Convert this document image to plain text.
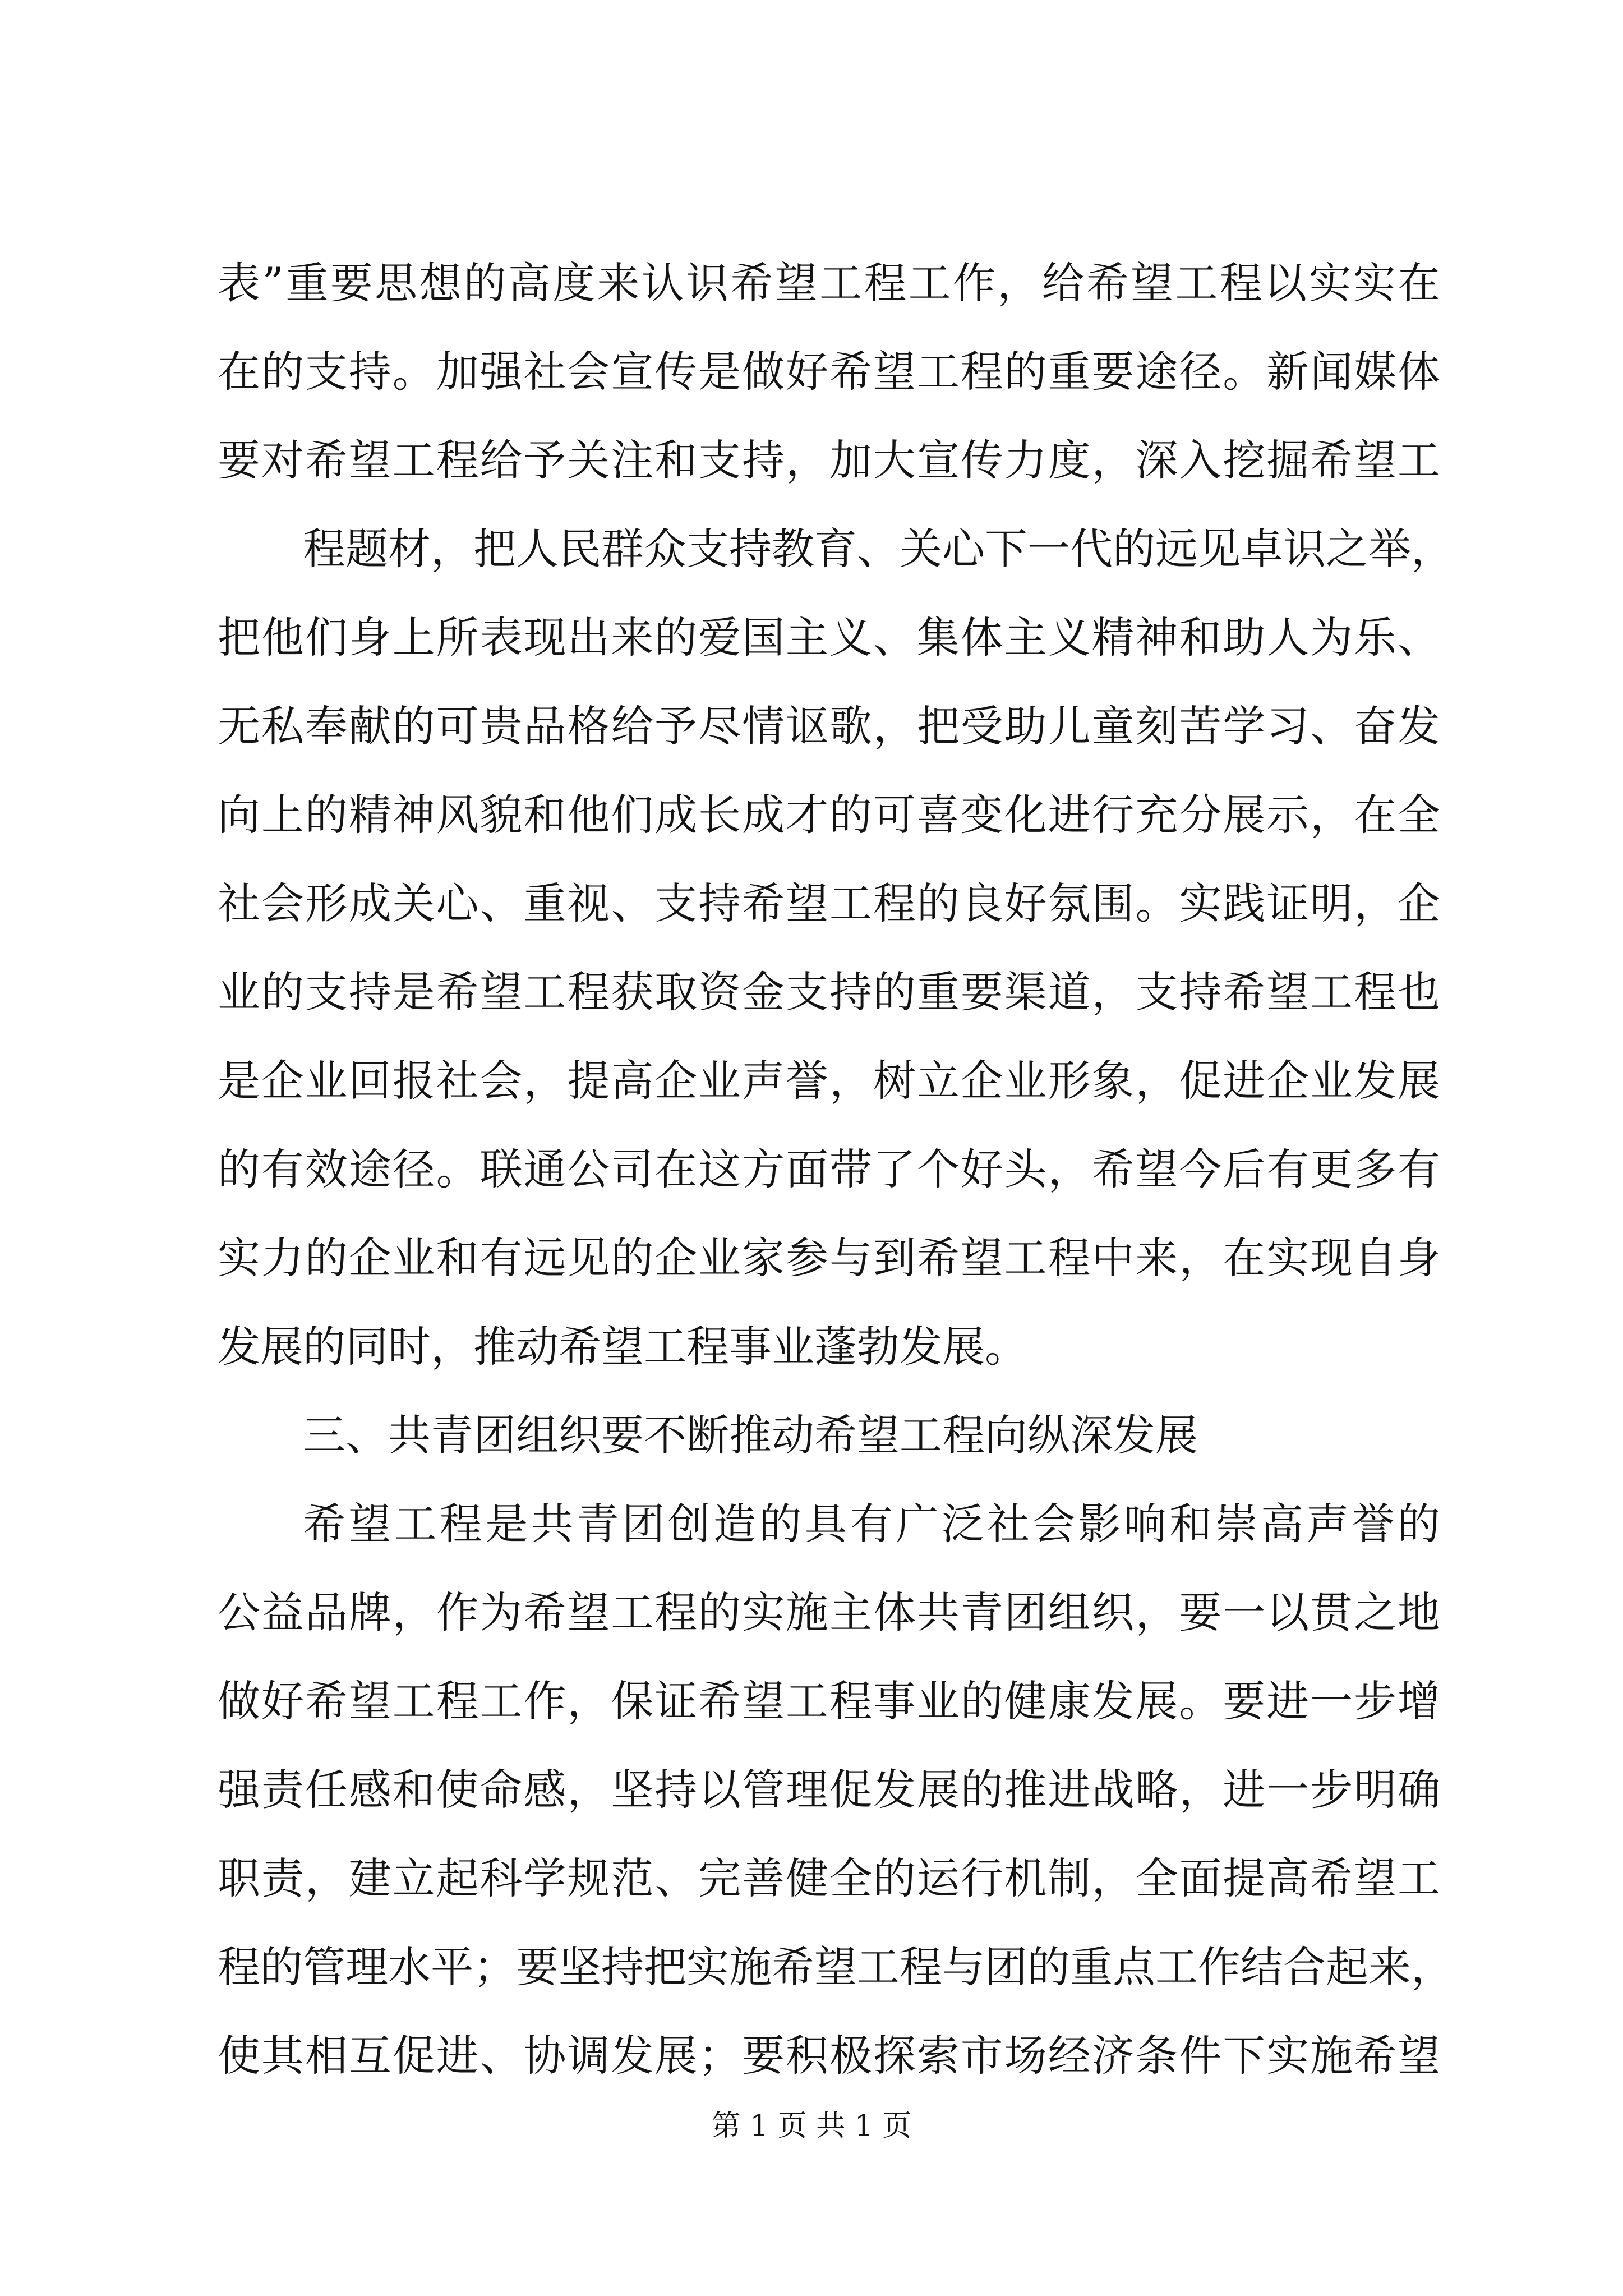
表”重要思想的高度来认识希望工程工作，给希望工程以实实在
在的支持。加强社会宣传是做好希望工程的重要途径。新闻媒体
要对希望工程给予关注和支持，加大宣传力度，深入挖掘希望工
程题材，把人民群众支持教育、关心下一代的远见卓识之举，
把他们身上所表现出来的爱国主义、集体主义精神和助人为乐、
无私奉献的可贵品格给予尽情讴歌，把受助儿童刻苦学习、奋发
向上的精神风貌和他们成长成才的可喜变化进行充分展示，在全
社会形成关心、重视、支持希望工程的良好氛围。实践证明，企
业的支持是希望工程获取资金支持的重要渠道，支持希望工程也
是企业回报社会，提高企业声誉，树立企业形象，促进企业发展
的有效途径。联通公司在这方面带了个好头，希望今后有更多有
实力的企业和有远见的企业家参与到希望工程中来，在实现自身
发展的同时，推动希望工程事业蓬勃发展。
三、共青团组织要不断推动希望工程向纵深发展
希望工程是共青团创造的具有广泛社会影响和崇高声誉的
公益品牌，作为希望工程的实施主体共青团组织，要一以贯之地
做好希望工程工作，保证希望工程事业的健康发展。要进一步增
强责任感和使命感，坚持以管理促发展的推进战略，进一步明确
职责，建立起科学规范、完善健全的运行机制，全面提高希望工
程的管理水平；要坚持把实施希望工程与团的重点工作结合起来，
使其相互促进、协调发展；要积极探索市场经济条件下实施希望
第 1 页 共 1 页
